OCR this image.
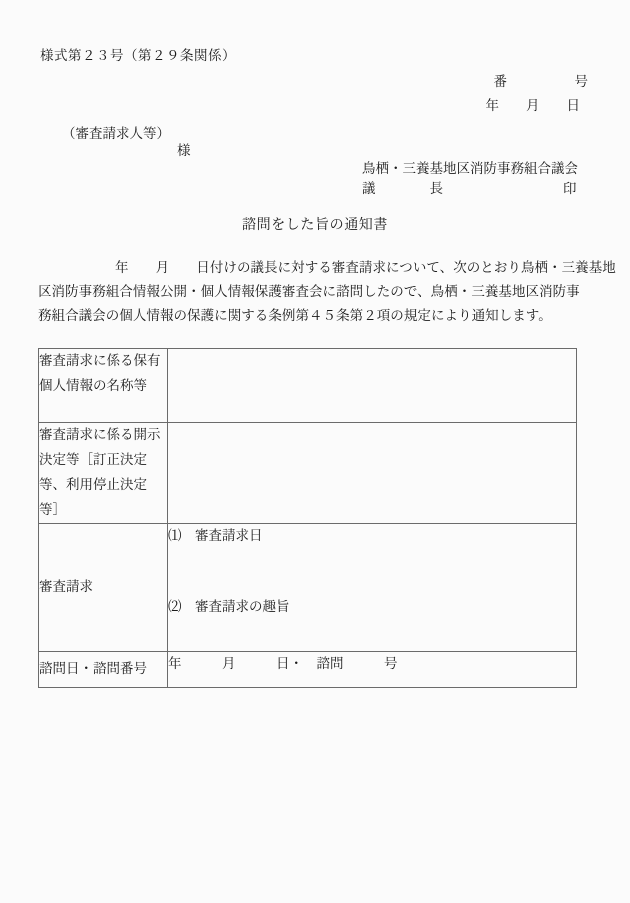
様式第２３号（第２９条関係）
番　　　　　号
年　　月　　日
（審査請求人等）
様
鳥栖・三養基地区消防事務組合議会
議　　　　長	印
諮問をした旨の通知書
年　　月　　日付けの議長に対する審査請求について、次のとおり鳥栖・三養基地
区消防事務組合情報公開・個人情報保護審査会に諮問したので、鳥栖・三養基地区消防事
務組合議会の個人情報の保護に関する条例第４５条第２項の規定により通知します。
審査請求に係る保有個人情報の名称等	
審査請求に係る開示決定等［訂正決定等、利用停止決定等］	
審査請求	⑴　審査請求日
⑵　審査請求の趣旨

諮問日・諮問番号	年　　　月　　　日・　諮問　　　号
